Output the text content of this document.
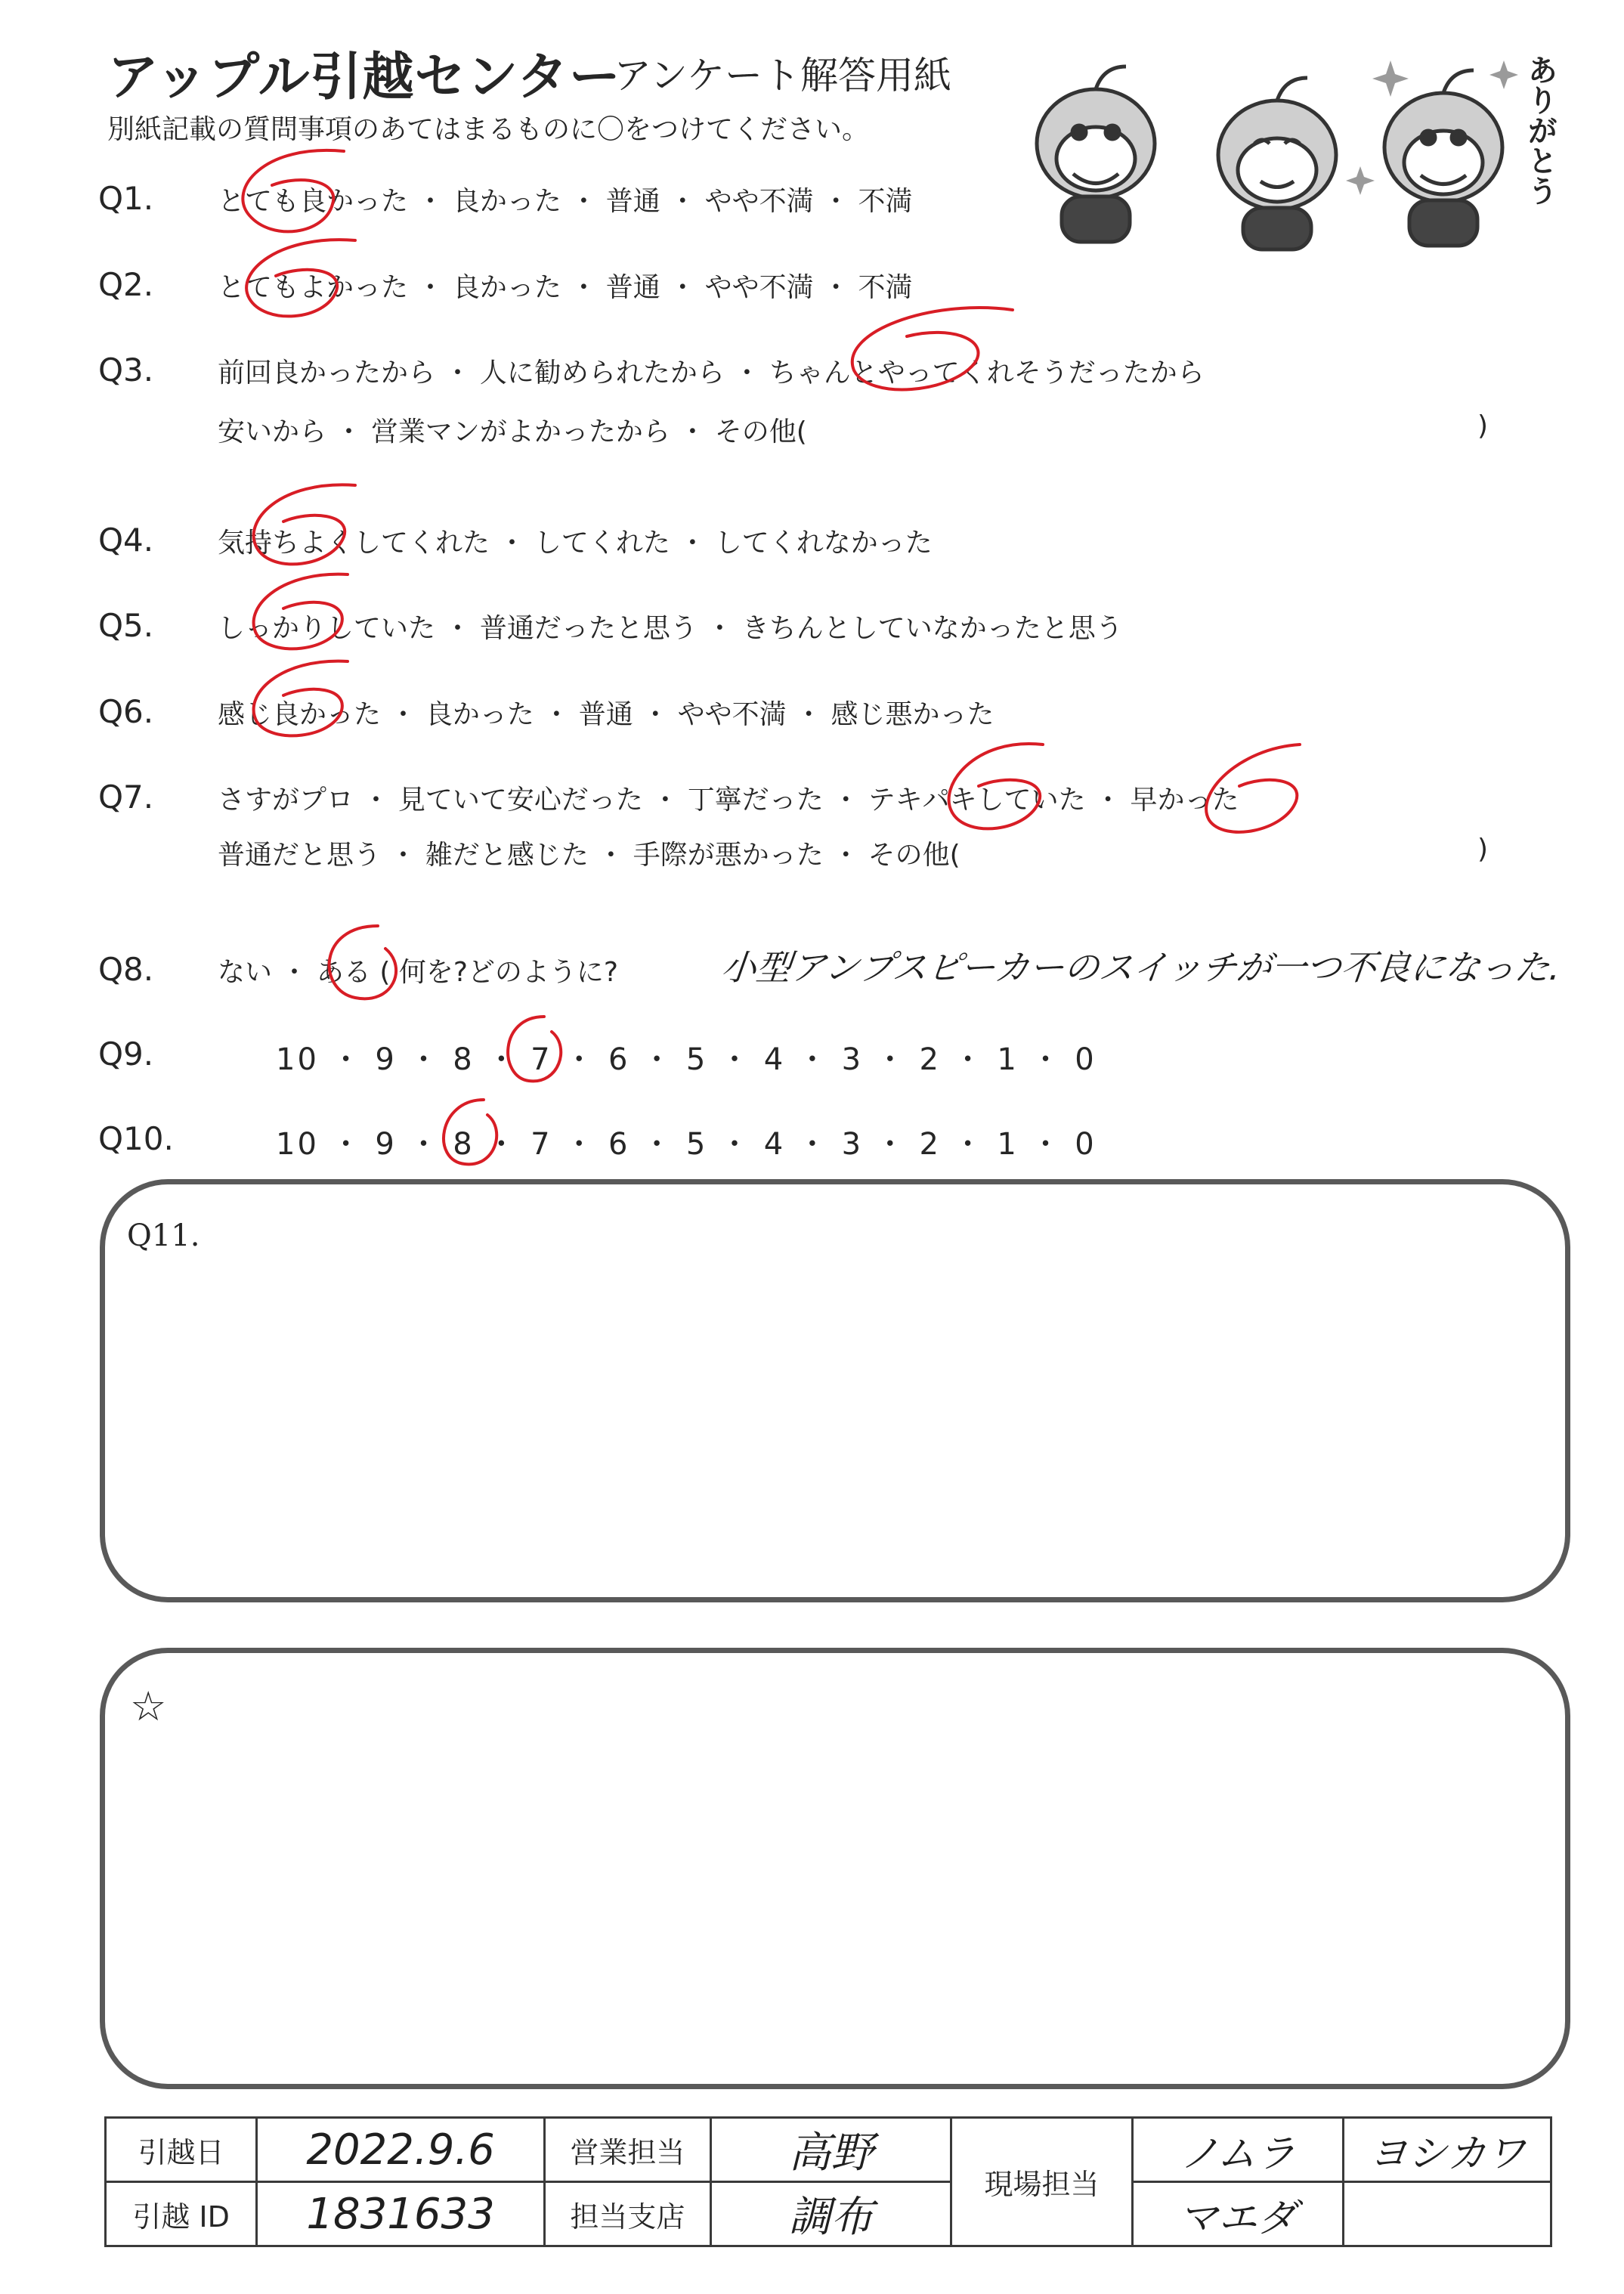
アップル引越センター
アンケート解答用紙
別紙記載の質問事項のあてはまるものに〇をつけてください。	ありがとう
Q1. とても良かった ・ 良かった ・ 普通 ・ やや不満 ・ 不満
Q2. とてもよかった ・ 良かった ・ 普通 ・ やや不満 ・ 不満
Q3. 前回良かったから ・ 人に勧められたから ・ ちゃんとやってくれそうだったから
安いから ・ 営業マンがよかったから ・ その他(	)
Q4. 気持ちよくしてくれた ・ してくれた ・ してくれなかった
Q5. しっかりしていた ・ 普通だったと思う ・ きちんとしていなかったと思う
Q6. 感じ良かった ・ 良かった ・ 普通 ・ やや不満 ・ 感じ悪かった
Q7. さすがプロ ・ 見ていて安心だった ・ 丁寧だった ・ テキパキしていた ・ 早かった
普通だと思う ・ 雑だと感じた ・ 手際が悪かった ・ その他(	)
Q8. ない ・ ある ( 何を?どのように?	小型アンプスピーカーのスイッチが一つ不良になった.
Q9.	10 ・ 9 ・ 8 ・ 7 ・ 6 ・ 5 ・ 4 ・ 3 ・ 2 ・ 1 ・ 0
Q10.	10 ・ 9 ・ 8 ・ 7 ・ 6 ・ 5 ・ 4 ・ 3 ・ 2 ・ 1 ・ 0
Q11.
☆
引越日	2022.9.6	営業担当	高野	現場担当	ノムラ	ヨシカワ
引越 ID	1831633	担当支店	調布		マエダ	
